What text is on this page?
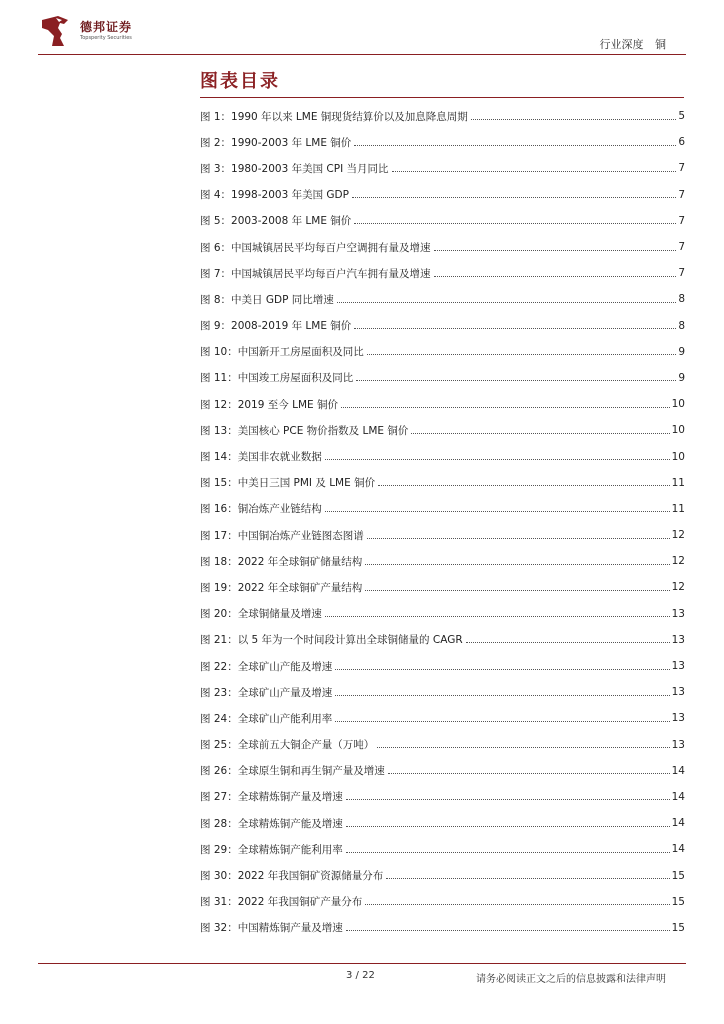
德邦证券
Topsperity Securities	行业深度 铜
图表目录
图 1：1990 年以来 LME 铜现货结算价以及加息降息周期	5
图 2：1990-2003 年 LME 铜价	6
图 3：1980-2003 年美国 CPI 当月同比	7
图 4：1998-2003 年美国 GDP	7
图 5：2003-2008 年 LME 铜价	7
图 6：中国城镇居民平均每百户空调拥有量及增速	7
图 7：中国城镇居民平均每百户汽车拥有量及增速	7
图 8：中美日 GDP 同比增速	8
图 9：2008-2019 年 LME 铜价	8
图 10：中国新开工房屋面积及同比	9
图 11：中国竣工房屋面积及同比	9
图 12：2019 至今 LME 铜价	10
图 13：美国核心 PCE 物价指数及 LME 铜价	10
图 14：美国非农就业数据	10
图 15：中美日三国 PMI 及 LME 铜价	11
图 16：铜冶炼产业链结构	11
图 17：中国铜冶炼产业链图态图谱	12
图 18：2022 年全球铜矿储量结构	12
图 19：2022 年全球铜矿产量结构	12
图 20：全球铜储量及增速	13
图 21：以 5 年为一个时间段计算出全球铜储量的 CAGR	13
图 22：全球矿山产能及增速	13
图 23：全球矿山产量及增速	13
图 24：全球矿山产能利用率	13
图 25：全球前五大铜企产量（万吨）	13
图 26：全球原生铜和再生铜产量及增速	14
图 27：全球精炼铜产量及增速	14
图 28：全球精炼铜产能及增速	14
图 29：全球精炼铜产能利用率	14
图 30：2022 年我国铜矿资源储量分布	15
图 31：2022 年我国铜矿产量分布	15
图 32：中国精炼铜产量及增速	15
3 / 22	请务必阅读正文之后的信息披露和法律声明
